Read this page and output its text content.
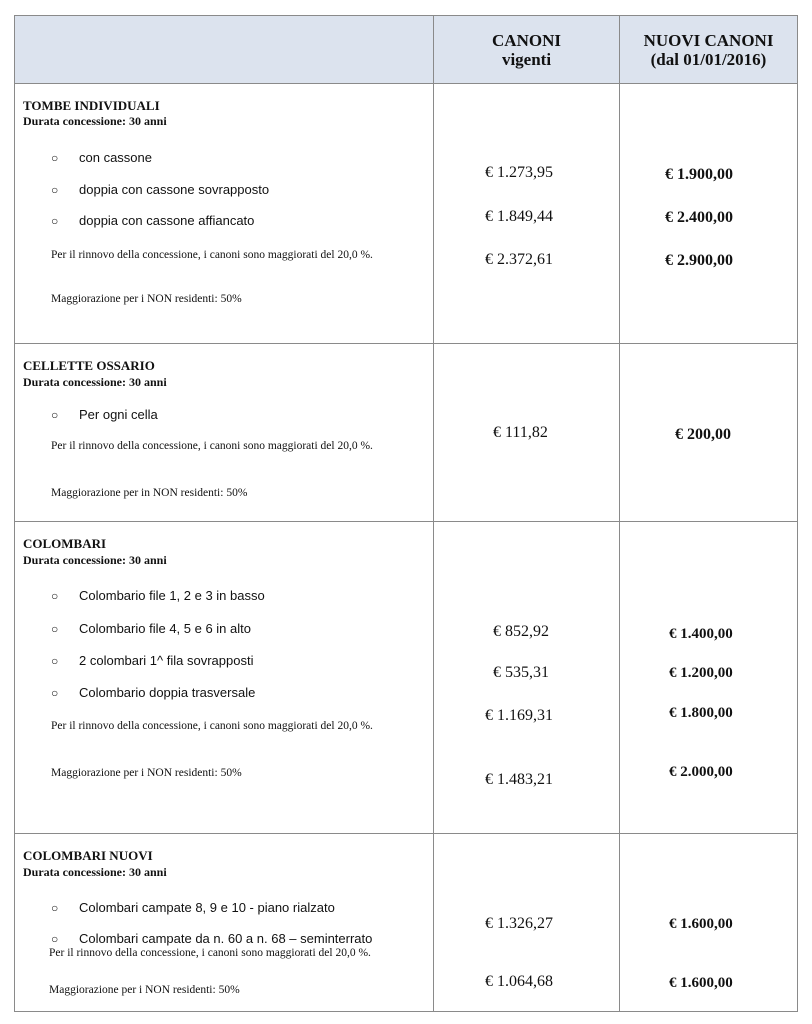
CANONI
vigenti
NUOVI CANONI
(dal 01/01/2016)
TOMBE INDIVIDUALI
Durata concessione: 30 anni
○ con cassone
○ doppia con cassone sovrapposto
○ doppia con cassone affiancato
Per il rinnovo della concessione, i canoni sono maggiorati del 20,0 %.
Maggiorazione per i NON residenti: 50%
€ 1.273,95
€ 1.849,44
€ 2.372,61
€ 1.900,00
€ 2.400,00
€ 2.900,00
CELLETTE OSSARIO
Durata concessione: 30 anni
○ Per ogni cella
Per il rinnovo della concessione, i canoni sono maggiorati del 20,0 %.
Maggiorazione per in NON residenti: 50%
€ 111,82	€ 200,00
COLOMBARI
Durata concessione: 30 anni
○ Colombario file 1, 2 e 3 in basso
○ Colombario file 4, 5 e 6 in alto
○ 2 colombari 1^ fila sovrapposti
○ Colombario doppia trasversale
Per il rinnovo della concessione, i canoni sono maggiorati del 20,0 %.
Maggiorazione per i NON residenti: 50%
€ 852,92
€ 535,31
€ 1.169,31
€ 1.483,21
€ 1.400,00
€ 1.200,00
€ 1.800,00
€ 2.000,00
COLOMBARI NUOVI
Durata concessione: 30 anni
○ Colombari campate 8, 9 e 10 - piano rialzato
○ Colombari campate da n. 60 a n. 68 – seminterrato
Per il rinnovo della concessione, i canoni sono maggiorati del 20,0 %.
Maggiorazione per i NON residenti: 50%
€ 1.326,27
€ 1.064,68
€ 1.600,00
€ 1.600,00
